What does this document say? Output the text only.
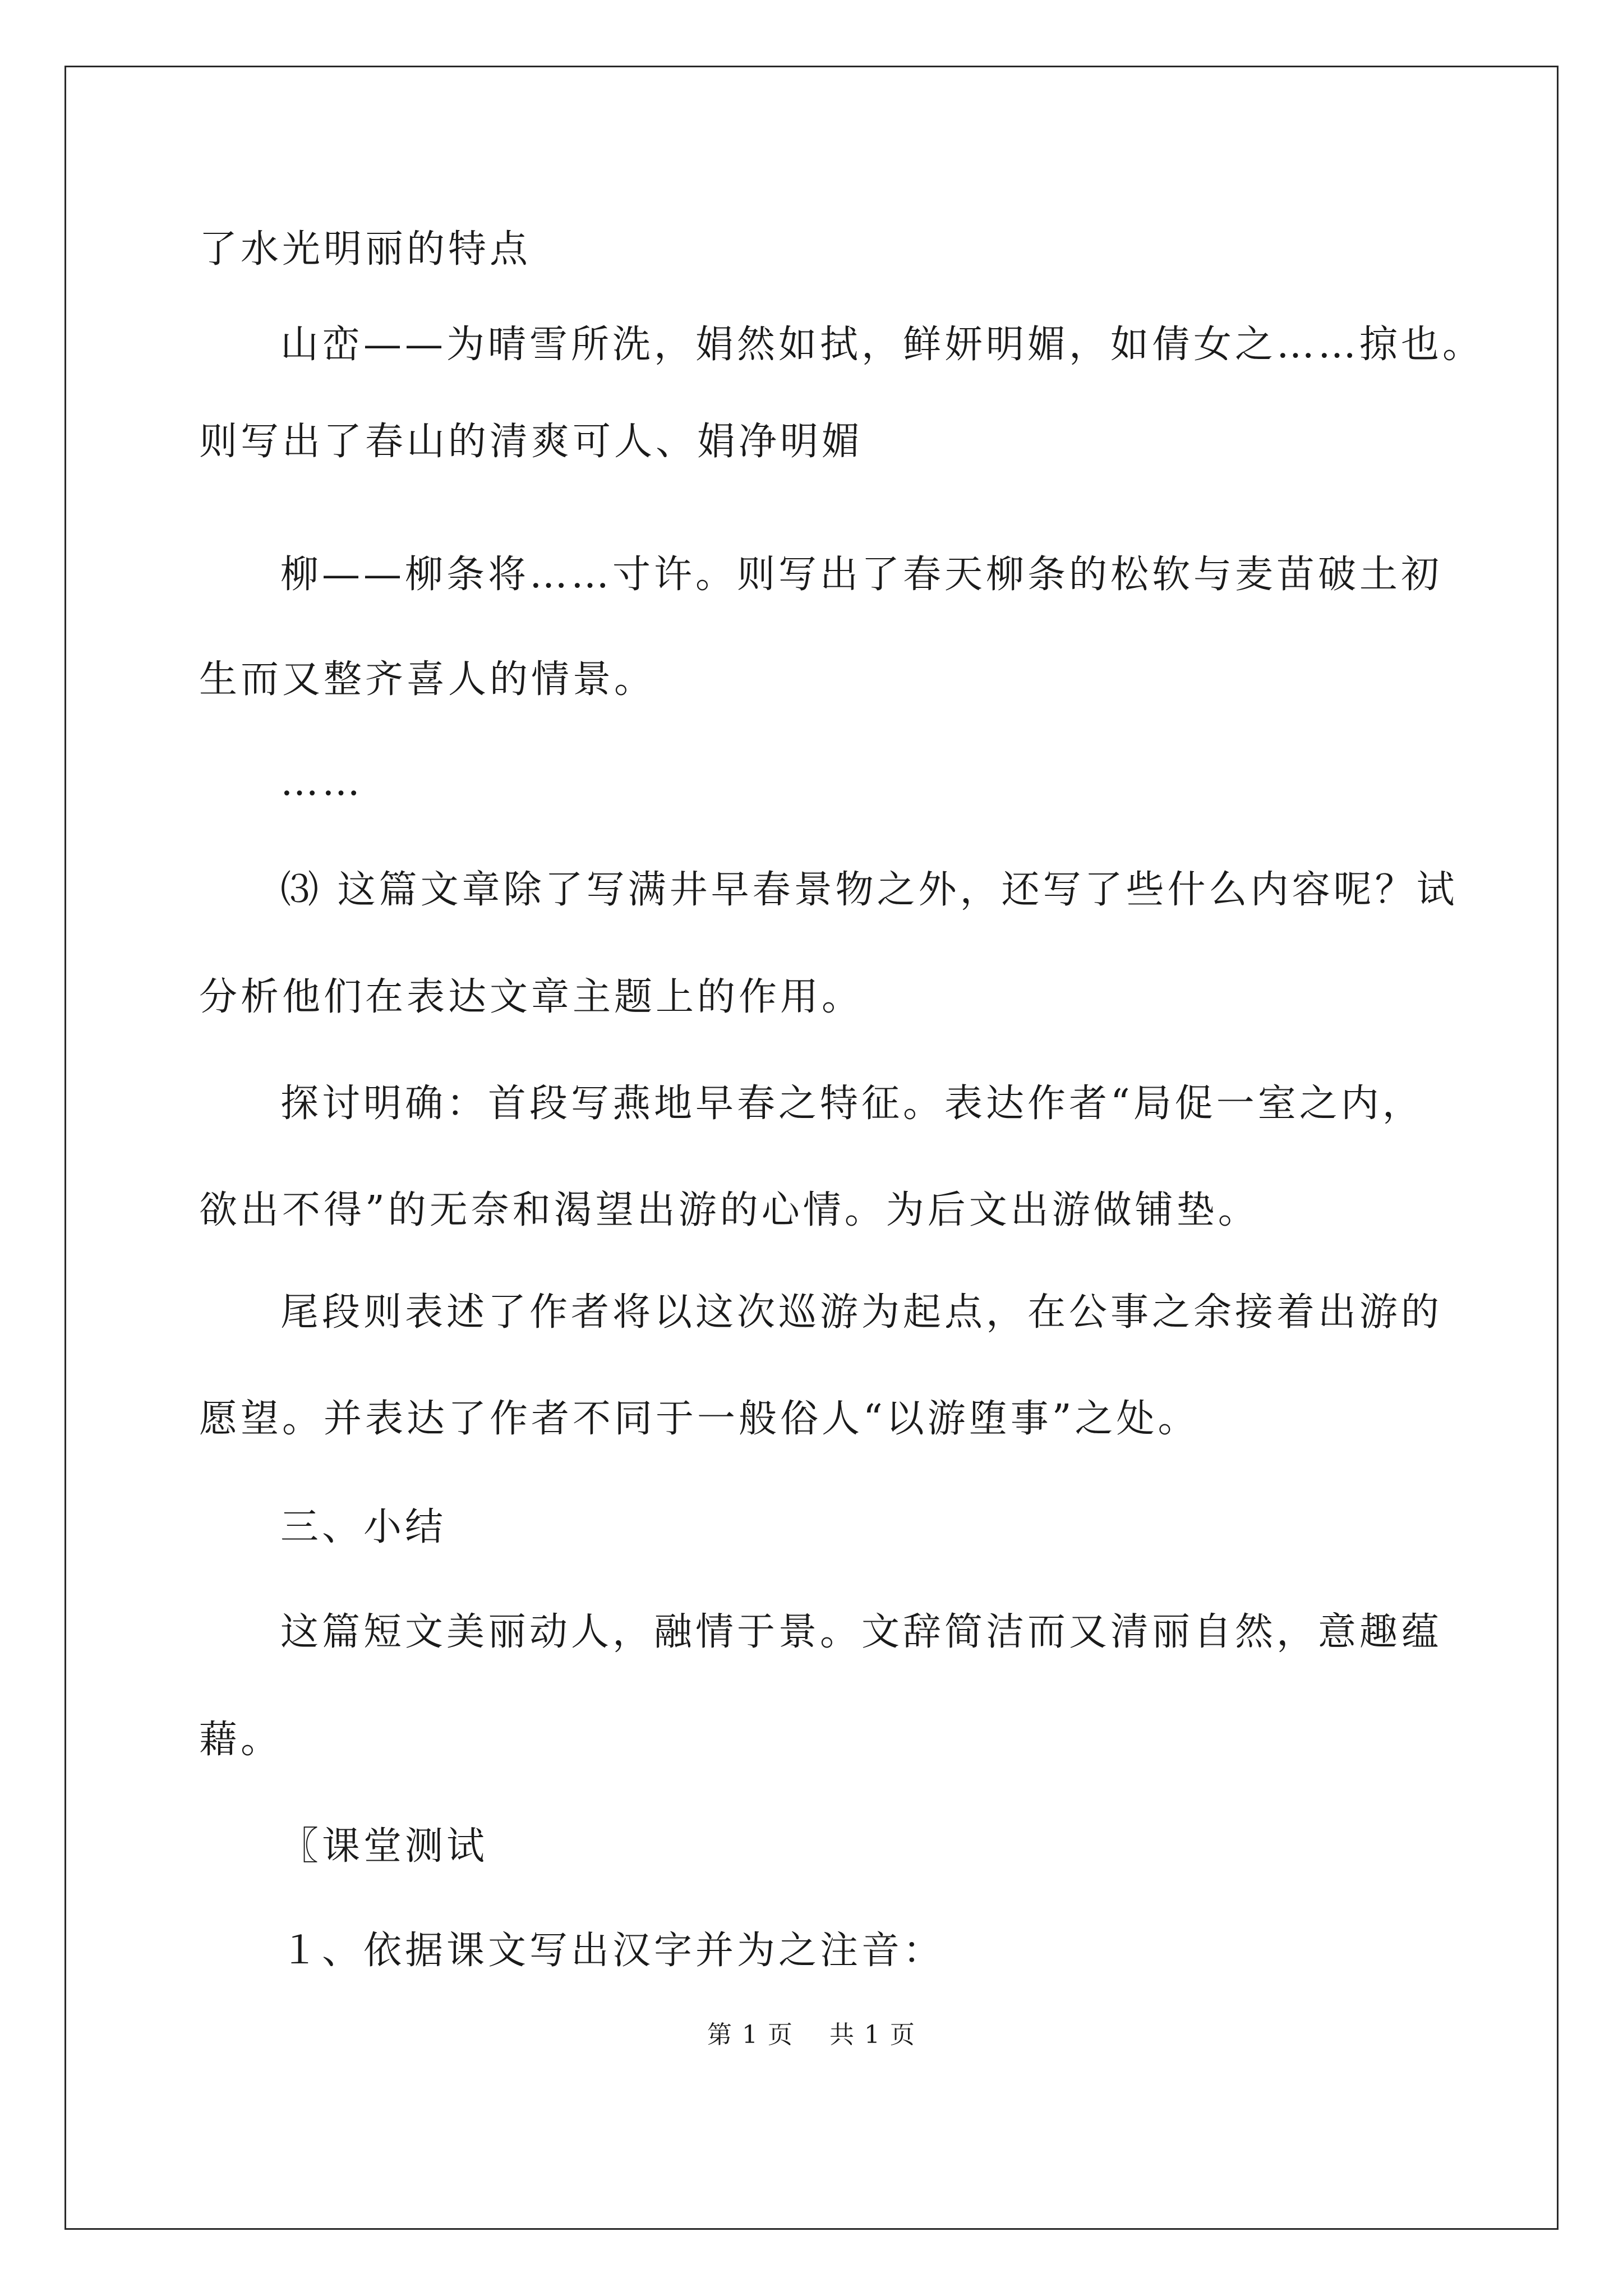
了水光明丽的特点
山峦——为晴雪所洗，娟然如拭，鲜妍明媚，如倩女之……掠也。
则写出了春山的清爽可人、娟净明媚
柳——柳条将……寸许。则写出了春天柳条的松软与麦苗破土初
生而又整齐喜人的情景。
……
⑶ 这篇文章除了写满井早春景物之外，还写了些什么内容呢？试
分析他们在表达文章主题上的作用。
探讨明确：首段写燕地早春之特征。表达作者“局促一室之内，
欲出不得”的无奈和渴望出游的心情。为后文出游做铺垫。
尾段则表述了作者将以这次巡游为起点，在公事之余接着出游的
愿望。并表达了作者不同于一般俗人“以游堕事”之处。
三、小结
这篇短文美丽动人，融情于景。文辞简洁而又清丽自然，意趣蕴
藉。
〖课堂测试
１、依据课文写出汉字并为之注音：
第 1 页    共 1 页
